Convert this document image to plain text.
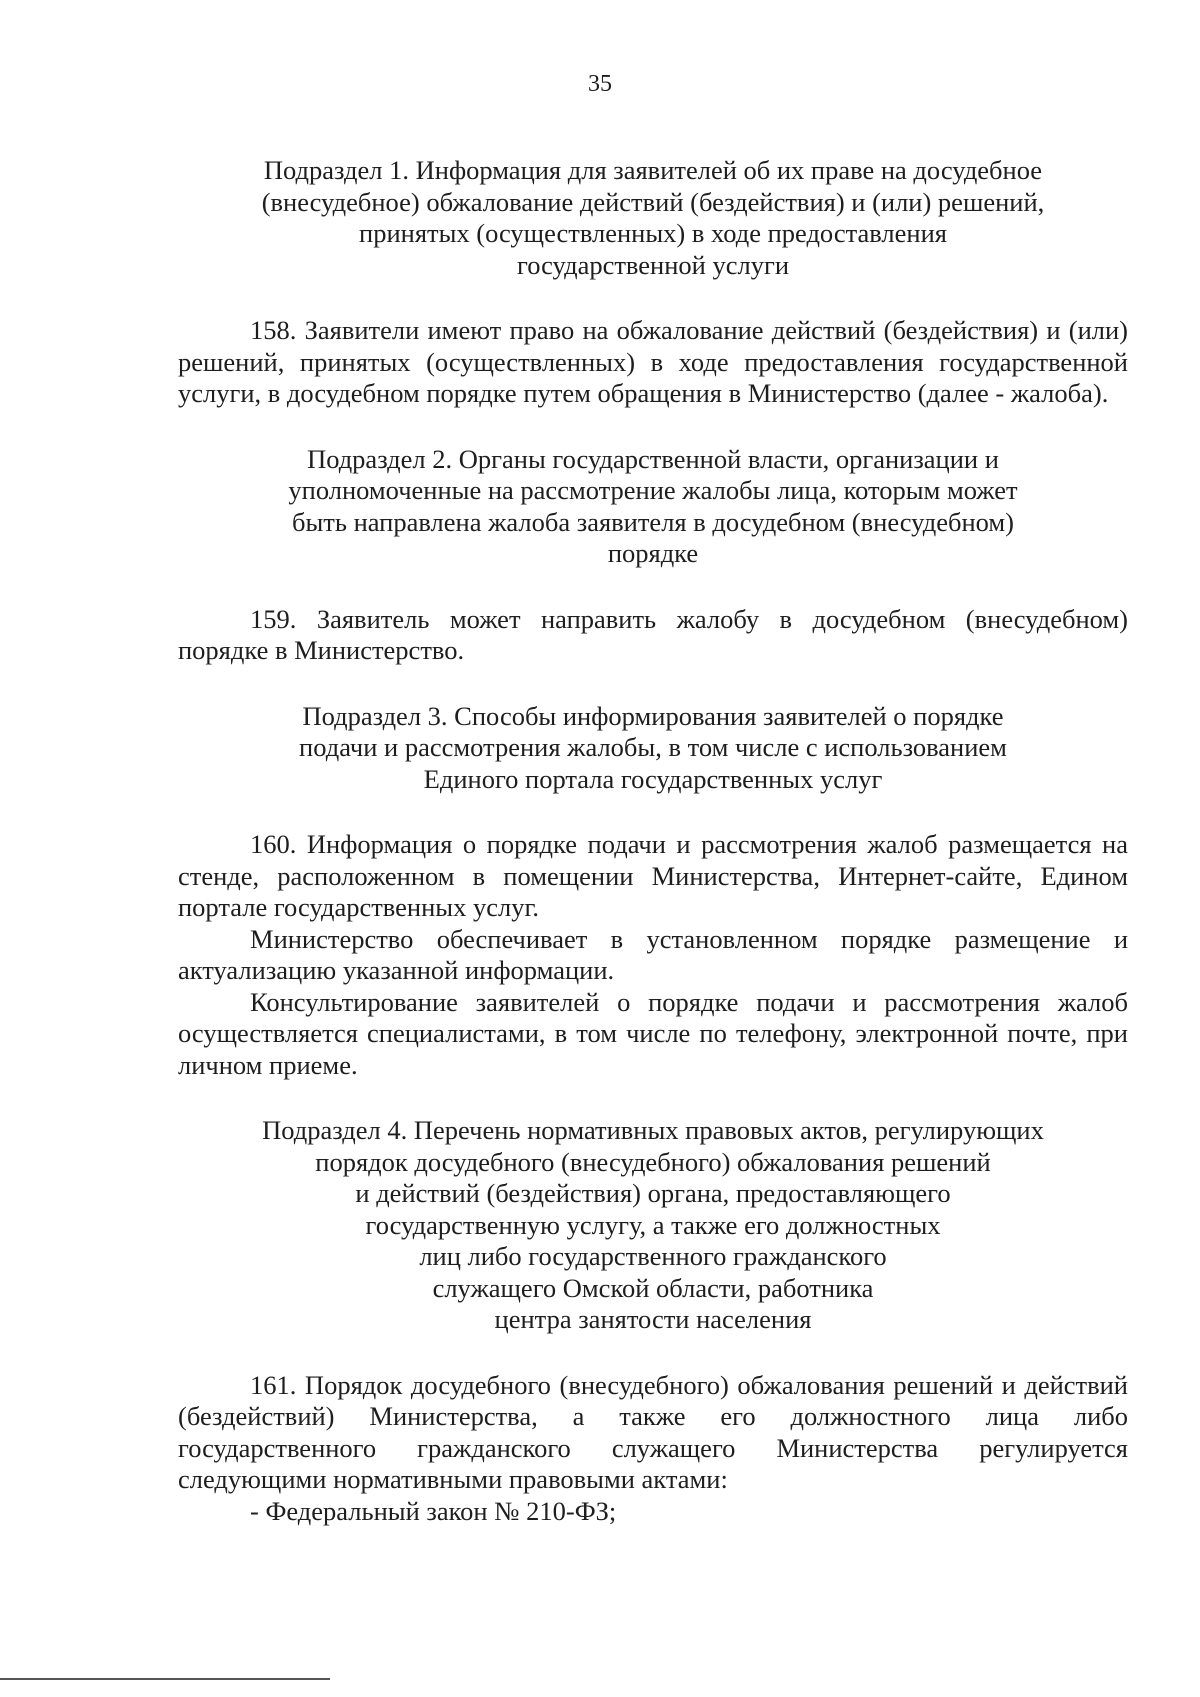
35
Подраздел 1. Информация для заявителей об их праве на досудебное
(внесудебное) обжалование действий (бездействия) и (или) решений,
принятых (осуществленных) в ходе предоставления
государственной услуги

158. Заявители имеют право на обжалование действий (бездействия) и (или) решений, принятых (осуществленных) в ходе предоставления государственной услуги, в досудебном порядке путем обращения в Министерство (далее - жалоба).

Подраздел 2. Органы государственной власти, организации и
уполномоченные на рассмотрение жалобы лица, которым может
быть направлена жалоба заявителя в досудебном (внесудебном)
порядке

159. Заявитель может направить жалобу в досудебном (внесудебном) порядке в Министерство.

Подраздел 3. Способы информирования заявителей о порядке
подачи и рассмотрения жалобы, в том числе с использованием
Единого портала государственных услуг

160. Информация о порядке подачи и рассмотрения жалоб размещается на стенде, расположенном в помещении Министерства, Интернет-сайте, Едином портале государственных услуг.

Министерство обеспечивает в установленном порядке размещение и актуализацию указанной информации.

Консультирование заявителей о порядке подачи и рассмотрения жалоб осуществляется специалистами, в том числе по телефону, электронной почте, при личном приеме.

Подраздел 4. Перечень нормативных правовых актов, регулирующих
порядок досудебного (внесудебного) обжалования решений
и действий (бездействия) органа, предоставляющего
государственную услугу, а также его должностных
лиц либо государственного гражданского
служащего Омской области, работника
центра занятости населения

161. Порядок досудебного (внесудебного) обжалования решений и действий (бездействий) Министерства, а также его должностного лица либо государственного гражданского служащего Министерства регулируется следующими нормативными правовыми актами:

- Федеральный закон № 210-ФЗ;
